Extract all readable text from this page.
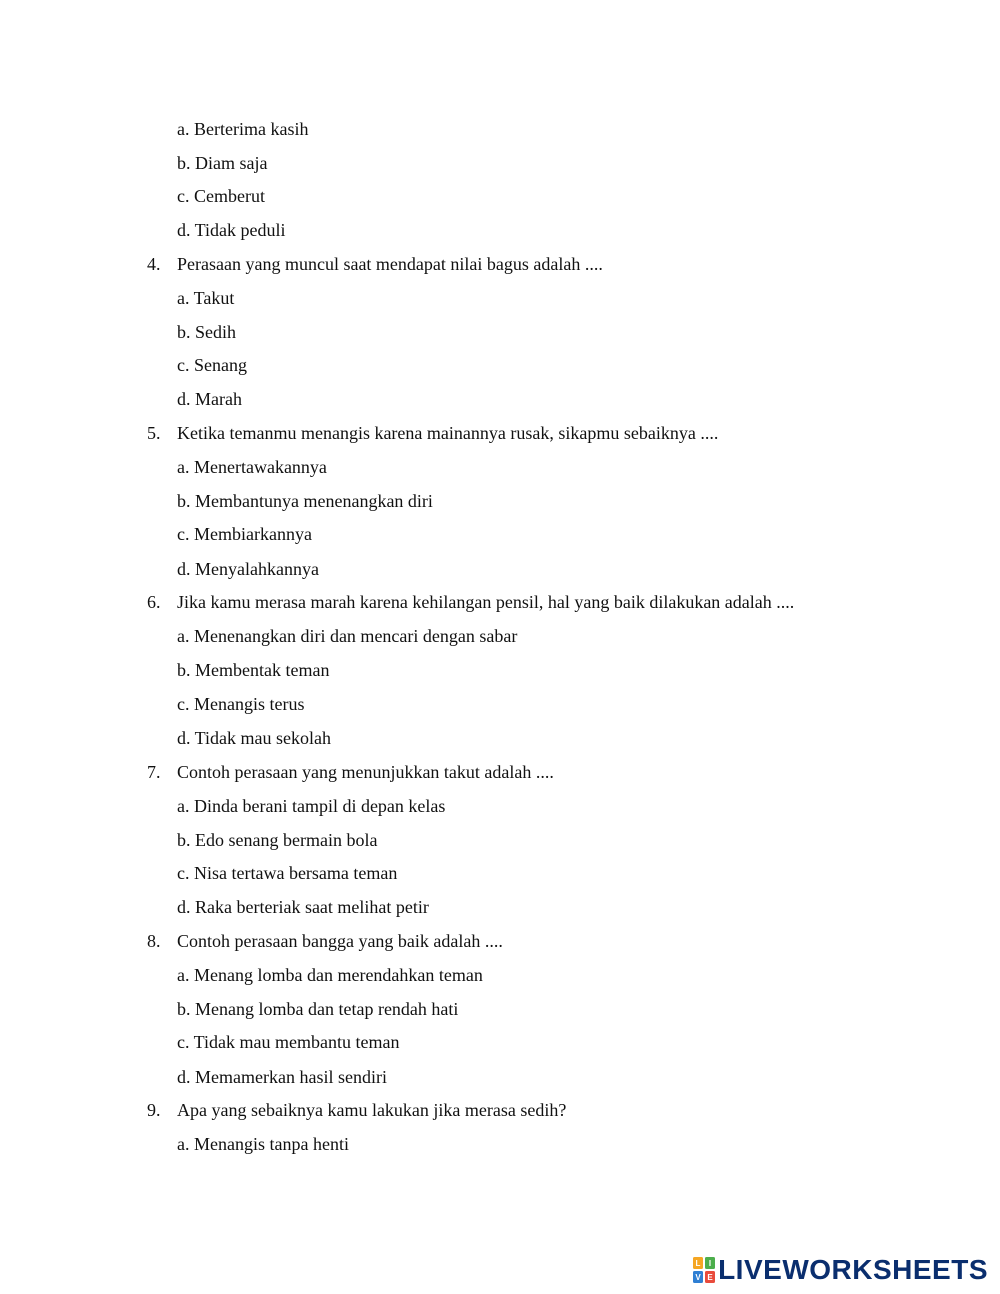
a. Berterima kasih
b. Diam saja
c. Cemberut
d. Tidak peduli
4. Perasaan yang muncul saat mendapat nilai bagus adalah ....
a. Takut
b. Sedih
c. Senang
d. Marah
5. Ketika temanmu menangis karena mainannya rusak, sikapmu sebaiknya ....
a. Menertawakannya
b. Membantunya menenangkan diri
c. Membiarkannya
d. Menyalahkannya
6. Jika kamu merasa marah karena kehilangan pensil, hal yang baik dilakukan adalah ....
a. Menenangkan diri dan mencari dengan sabar
b. Membentak teman
c. Menangis terus
d. Tidak mau sekolah
7. Contoh perasaan yang menunjukkan takut adalah ....
a. Dinda berani tampil di depan kelas
b. Edo senang bermain bola
c. Nisa tertawa bersama teman
d. Raka berteriak saat melihat petir
8. Contoh perasaan bangga yang baik adalah ....
a. Menang lomba dan merendahkan teman
b. Menang lomba dan tetap rendah hati
c. Tidak mau membantu teman
d. Memamerkan hasil sendiri
9. Apa yang sebaiknya kamu lakukan jika merasa sedih?
a. Menangis tanpa henti
L I
V E LIVEWORKSHEETS
